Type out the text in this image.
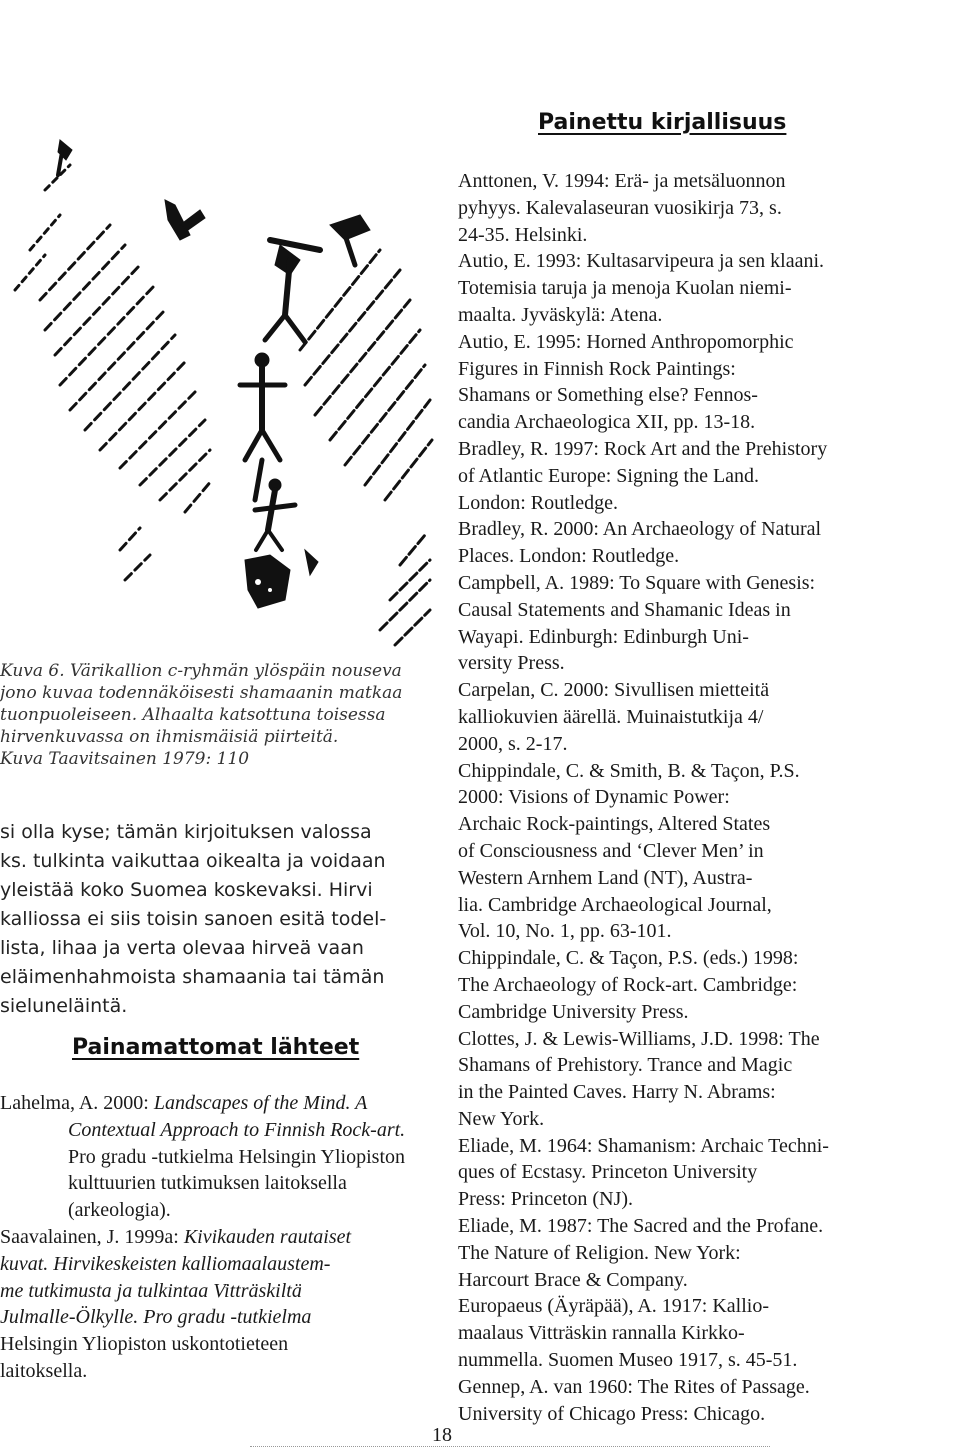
Kuva 6. Värikallion c-ryhmän ylöspäin nouseva
jono kuvaa todennäköisesti shamaanin matkaa
tuonpuoleiseen. Alhaalta katsottuna toisessa
hirvenkuvassa on ihmismäisiä piirteitä.
Kuva Taavitsainen 1979: 110
si olla kyse; tämän kirjoituksen valossa
ks. tulkinta vaikuttaa oikealta ja voidaan
yleistää koko Suomea koskevaksi. Hirvi
kalliossa ei siis toisin sanoen esitä todel-
lista, lihaa ja verta olevaa hirveä vaan
eläimenhahmoista shamaania tai tämän
sieluneläintä.
Painamattomat lähteet
Lahelma, A. 2000: Landscapes of the Mind. A
Contextual Approach to Finnish Rock-art.
Pro gradu -tutkielma Helsingin Yliopiston
kulttuurien tutkimuksen laitoksella
(arkeologia).
Saavalainen, J. 1999a: Kivikauden rautaiset
kuvat. Hirvikeskeisten kalliomaalaustem-
me tutkimusta ja tulkintaa Vitträskiltä
Julmalle-Ölkylle. Pro gradu -tutkielma
Helsingin Yliopiston uskontotieteen
laitoksella.
Painettu kirjallisuus
Anttonen, V. 1994: Erä- ja metsäluonnon
pyhyys. Kalevalaseuran vuosikirja 73, s.
24-35. Helsinki.
Autio, E. 1993: Kultasarvipeura ja sen klaani.
Totemisia taruja ja menoja Kuolan niemi-
maalta. Jyväskylä: Atena.
Autio, E. 1995: Horned Anthropomorphic
Figures in Finnish Rock Paintings:
Shamans or Something else? Fennos-
candia Archaeologica XII, pp. 13-18.
Bradley, R. 1997: Rock Art and the Prehistory
of Atlantic Europe: Signing the Land.
London: Routledge.
Bradley, R. 2000: An Archaeology of Natural
Places. London: Routledge.
Campbell, A. 1989: To Square with Genesis:
Causal Statements and Shamanic Ideas in
Wayapi. Edinburgh: Edinburgh Uni-
versity Press.
Carpelan, C. 2000: Sivullisen mietteitä
kalliokuvien äärellä. Muinaistutkija 4/
2000, s. 2-17.
Chippindale, C. & Smith, B. & Taçon, P.S.
2000: Visions of Dynamic Power:
Archaic Rock-paintings, Altered States
of Consciousness and ‘Clever Men’ in
Western Arnhem Land (NT), Austra-
lia. Cambridge Archaeological Journal,
Vol. 10, No. 1, pp. 63-101.
Chippindale, C. & Taçon, P.S. (eds.) 1998:
The Archaeology of Rock-art. Cambridge:
Cambridge University Press.
Clottes, J. & Lewis-Williams, J.D. 1998: The
Shamans of Prehistory. Trance and Magic
in the Painted Caves. Harry N. Abrams:
New York.
Eliade, M. 1964: Shamanism: Archaic Techni-
ques of Ecstasy. Princeton University
Press: Princeton (NJ).
Eliade, M. 1987: The Sacred and the Profane.
The Nature of Religion. New York:
Harcourt Brace & Company.
Europaeus (Äyräpää), A. 1917: Kallio-
maalaus Vitträskin rannalla Kirkko-
nummella. Suomen Museo 1917, s. 45-51.
Gennep, A. van 1960: The Rites of Passage.
University of Chicago Press: Chicago.
18
